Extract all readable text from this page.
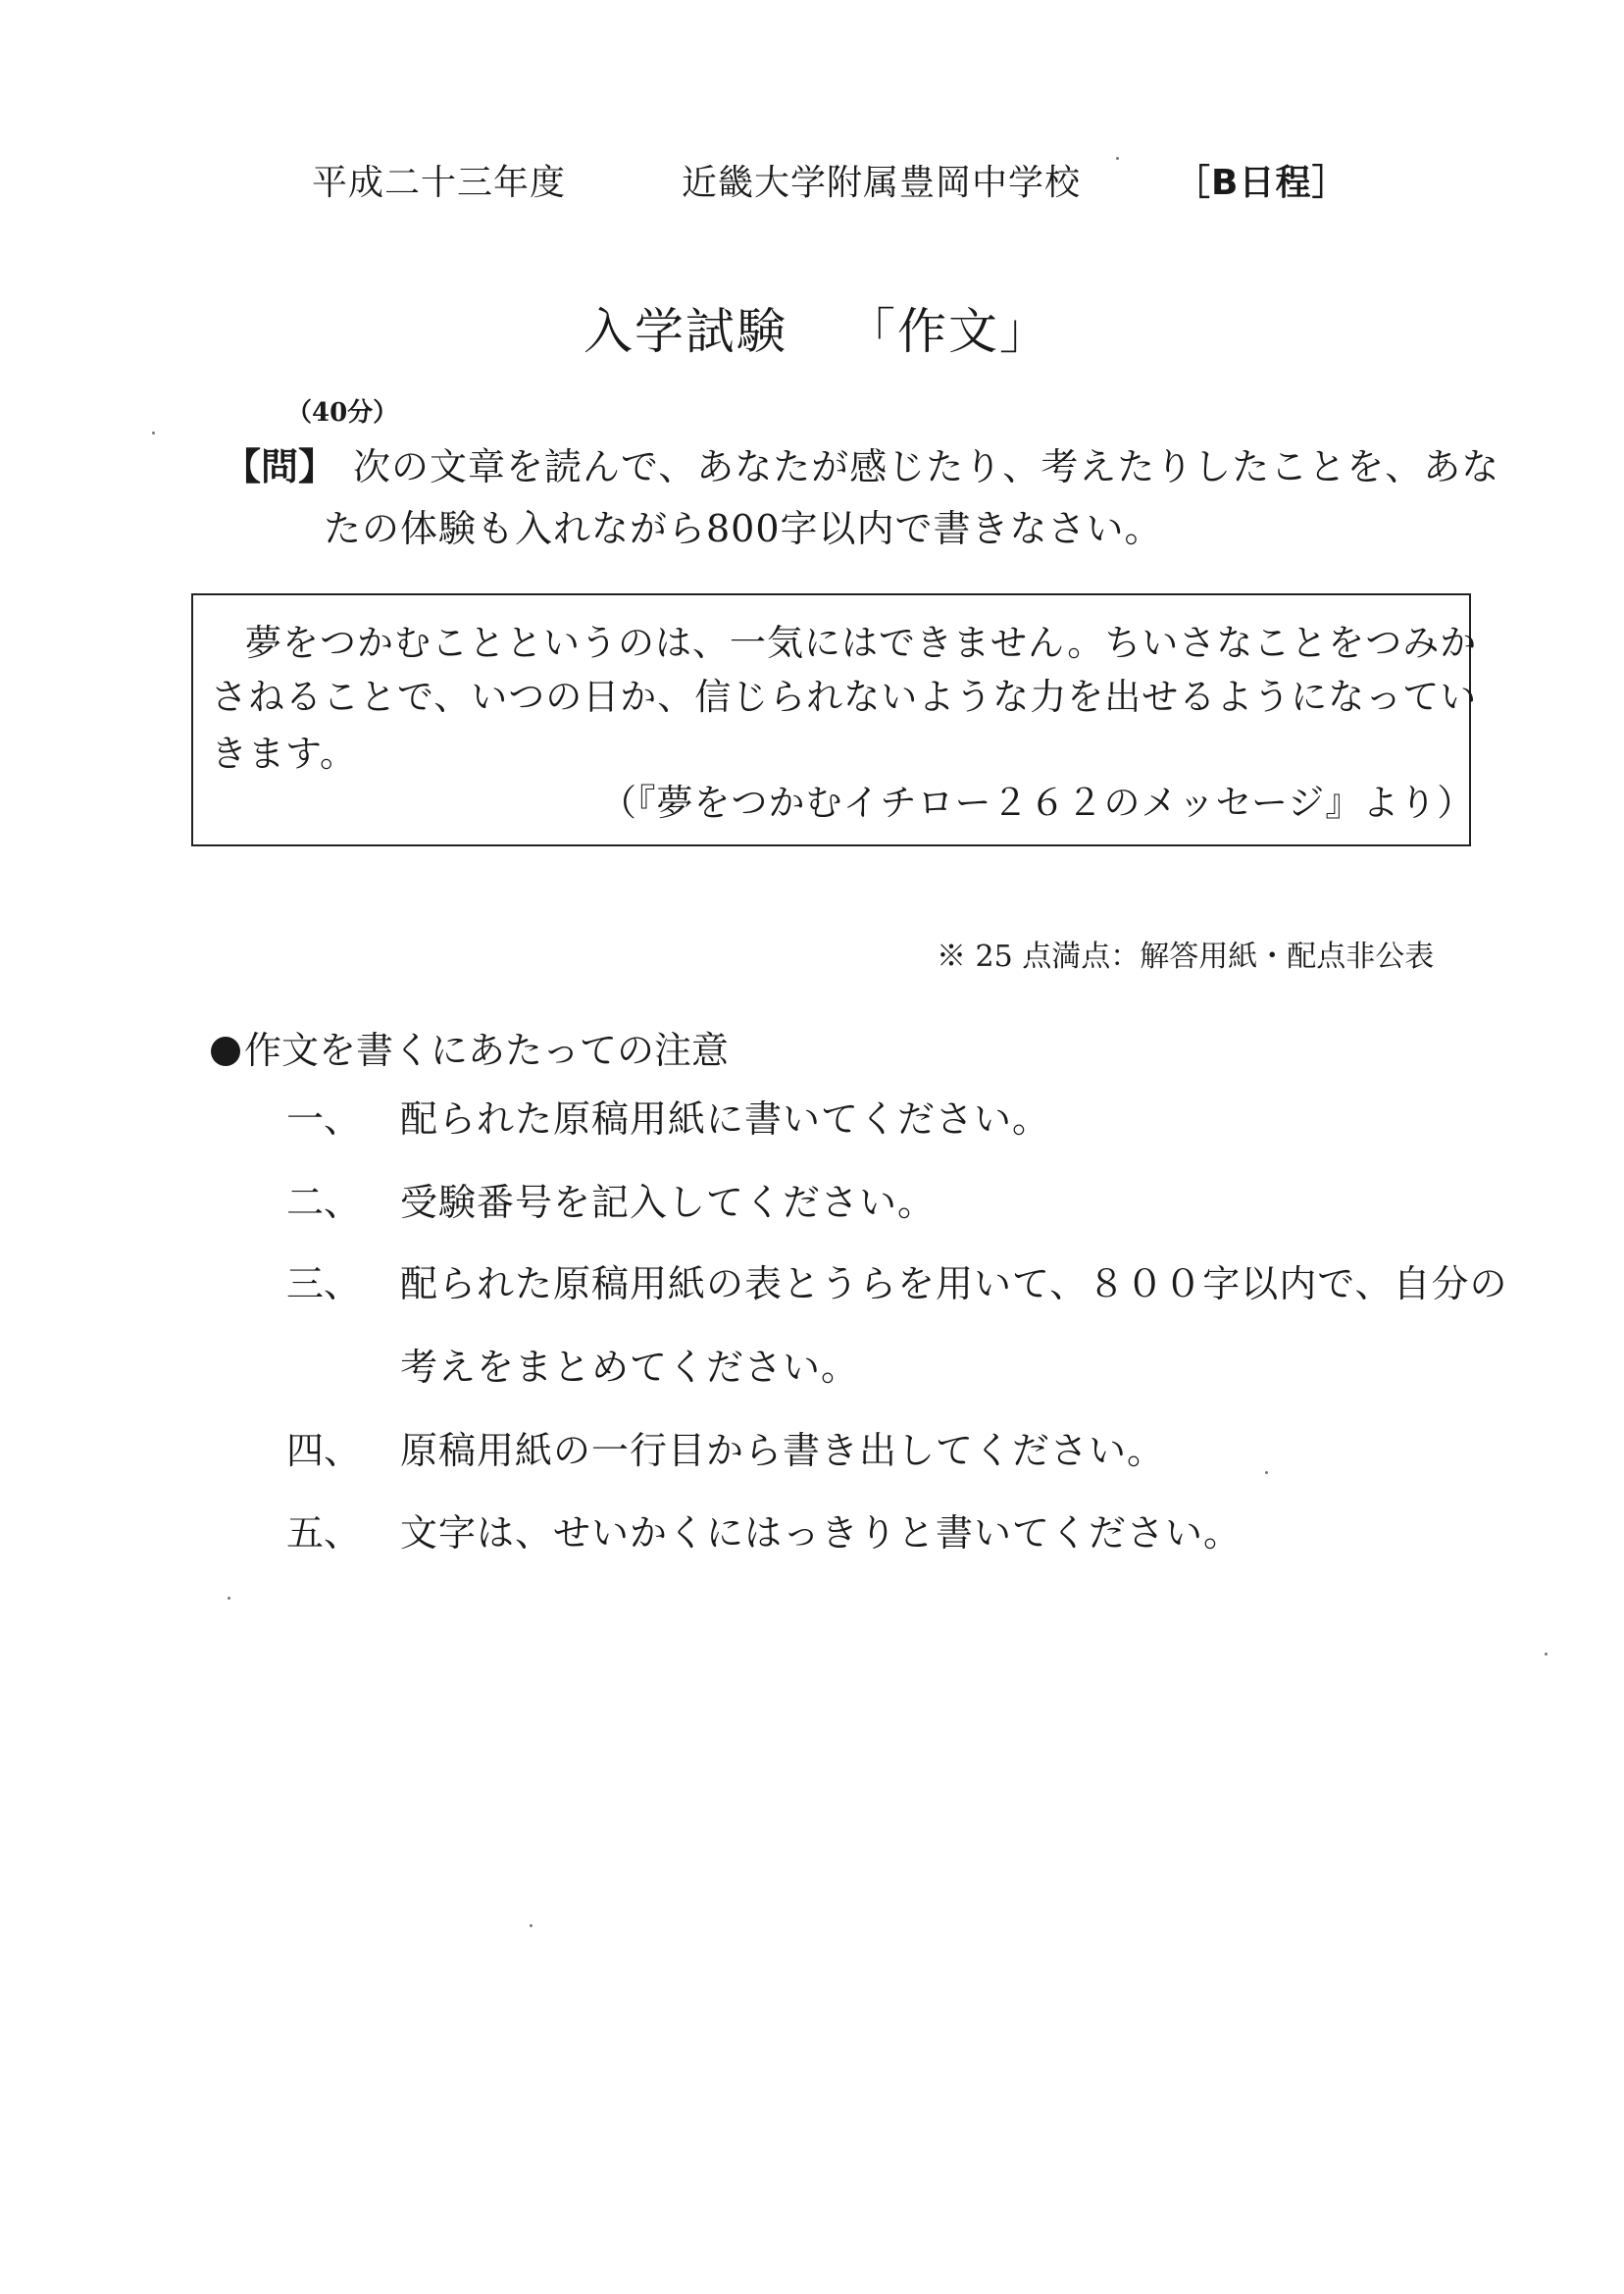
平成二十三年度	近畿大学附属豊岡中学校	［B日程］
入学試験 「作文」
（40分）
【問】 次の文章を読んで、あなたが感じたり、考えたりしたことを、あな
たの体験も入れながら800字以内で書きなさい。
夢をつかむことというのは、一気にはできません。ちいさなことをつみか
さねることで、いつの日か、信じられないような力を出せるようになってい
きます。
（『夢をつかむイチロー２６２のメッセージ』より）
※ 25 点満点：解答用紙・配点非公表
作文を書くにあたっての注意
一、 配られた原稿用紙に書いてください。
二、 受験番号を記入してください。
三、 配られた原稿用紙の表とうらを用いて、８００字以内で、自分の
考えをまとめてください。
四、 原稿用紙の一行目から書き出してください。
五、 文字は、せいかくにはっきりと書いてください。
